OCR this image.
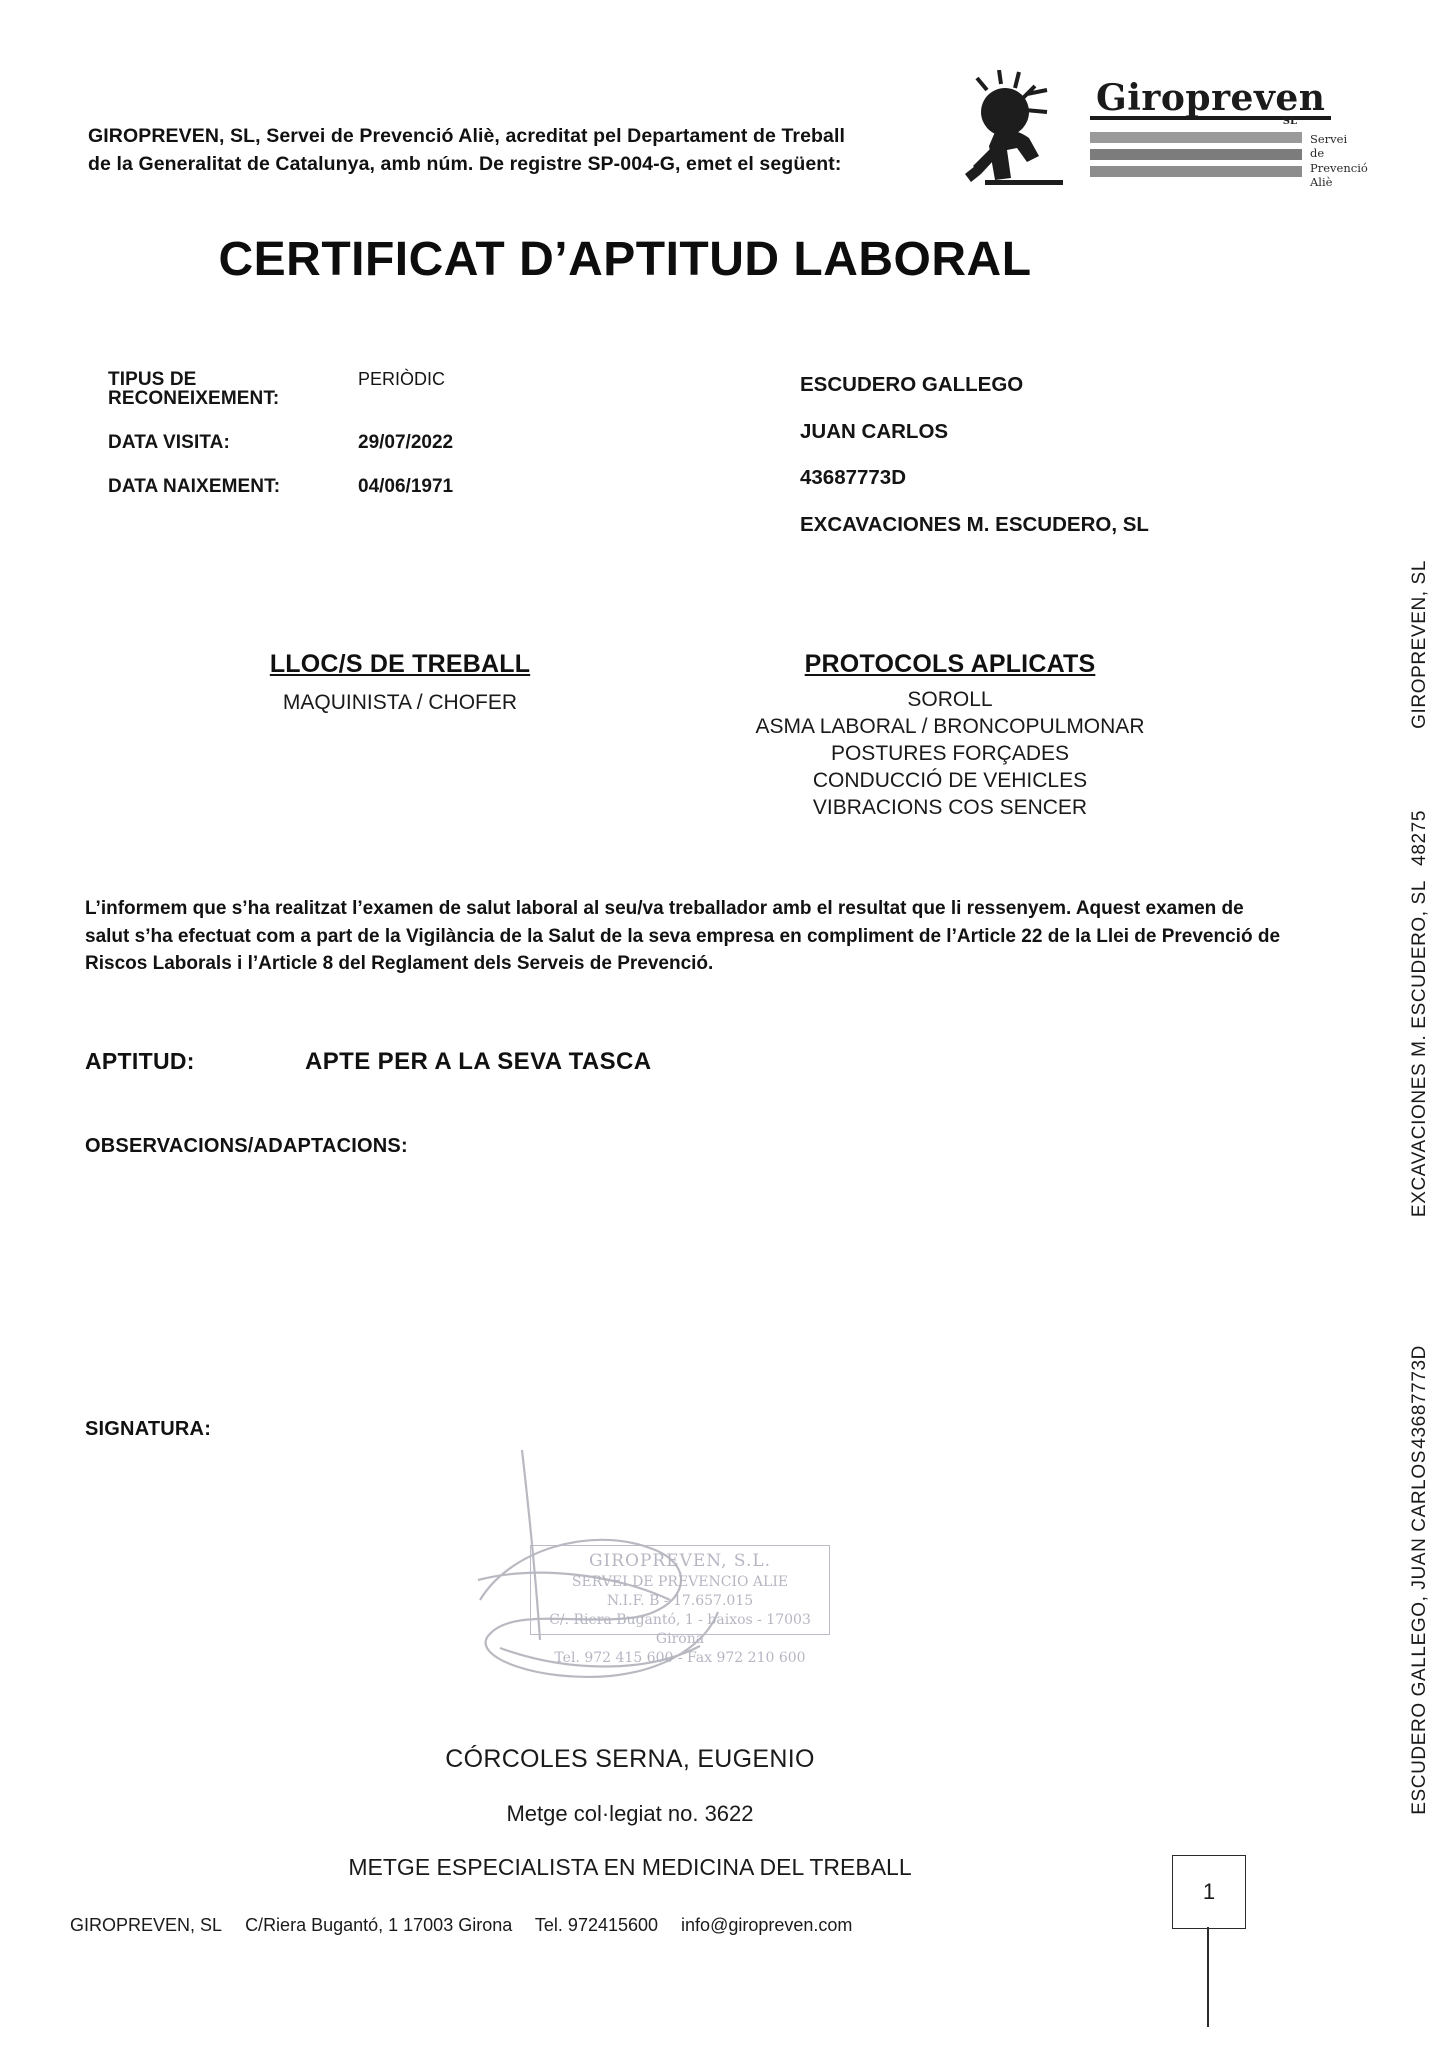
GIROPREVEN, SL, Servei de Prevenció Aliè, acreditat pel Departament de Treball
de la Generalitat de Catalunya, amb núm. De registre SP-004-G, emet el següent:
Giropreven
SL
Servei
de
Prevenció
Aliè
CERTIFICAT D’APTITUD LABORAL
TIPUS DE RECONEIXEMENT:
PERIÒDIC
DATA VISITA:	29/07/2022
DATA NAIXEMENT:	04/06/1971
ESCUDERO GALLEGO
JUAN CARLOS
43687773D
EXCAVACIONES M. ESCUDERO, SL
LLOC/S DE TREBALL
MAQUINISTA / CHOFER
PROTOCOLS APLICATS
SOROLL
ASMA LABORAL / BRONCOPULMONAR
POSTURES FORÇADES
CONDUCCIÓ DE VEHICLES
VIBRACIONS COS SENCER
L’informem que s’ha realitzat l’examen de salut laboral al seu/va treballador amb el resultat que li ressenyem. Aquest examen de salut s’ha efectuat com a part de la Vigilància de la Salut de la seva empresa en compliment de l’Article 22 de la Llei de Prevenció de Riscos Laborals i l’Article 8 del Reglament dels Serveis de Prevenció.
APTITUD:	APTE PER A LA SEVA TASCA
OBSERVACIONS/ADAPTACIONS:
SIGNATURA:
GIROPREVEN, S.L.
SERVEI DE PREVENCIO ALIE
N.I.F. B - 17.657.015
C/. Riera Bugantó, 1 - baixos - 17003 Girona
Tel. 972 415 600 - Fax 972 210 600
CÓRCOLES SERNA, EUGENIO
Metge col·legiat no. 3622
METGE ESPECIALISTA EN MEDICINA DEL TREBALL
GIROPREVEN, SL C/Riera Bugantó, 1 17003 Girona Tel. 972415600 info@giropreven.com
1
GIROPREVEN, SL
48275
EXCAVACIONES M. ESCUDERO, SL
43687773D
ESCUDERO GALLEGO, JUAN CARLOS
